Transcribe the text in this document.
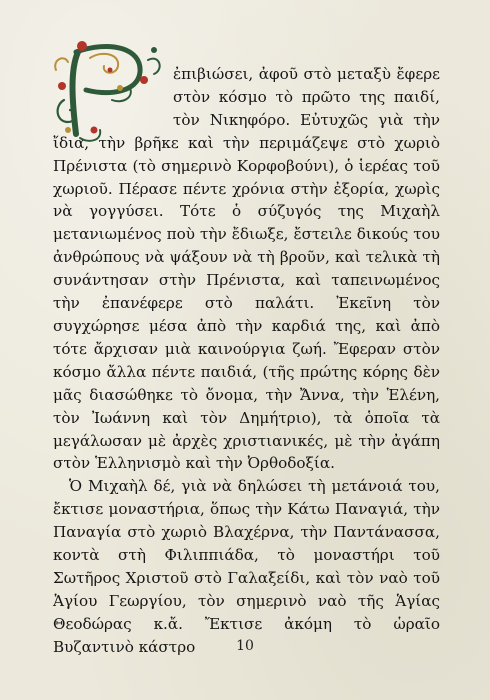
ἐπιβιώσει, ἀφοῦ στὸ μεταξὺ ἔφερε στὸν κόσμο τὸ πρῶτο της παιδί, τὸν Νικηφόρο. Εὐτυχῶς γιὰ τὴν ἴδια, τὴν βρῆκε καὶ τὴν περιμάζεψε στὸ χωριὸ Πρένιστα (τὸ σημερινὸ Κορφοβούνι), ὁ ἱερέας τοῦ χωριοῦ. Πέρασε πέντε χρόνια στὴν ἐξορία, χωρὶς νὰ γογγύσει. Τότε ὁ σύζυγός της Μιχαὴλ μετανιωμένος ποὺ τὴν ἔδιωξε, ἔστειλε δικούς του ἀνθρώπους νὰ ψάξουν νὰ τὴ βροῦν, καὶ τελικὰ τὴ συνάντησαν στὴν Πρένιστα, καὶ ταπεινωμένος τὴν ἐπανέφερε στὸ παλάτι. Ἐκεῖνη τὸν συγχώρησε μέσα ἀπὸ τὴν καρδιά της, καὶ ἀπὸ τότε ἄρχισαν μιὰ καινούργια ζωή. Ἔφεραν στὸν κόσμο ἄλλα πέντε παιδιά, (τῆς πρώτης κόρης δὲν μᾶς διασώθηκε τὸ ὄνομα, τὴν Ἄννα, τὴν Ἑλένη, τὸν Ἰωάννη καὶ τὸν Δημήτριο), τὰ ὁποῖα τὰ μεγάλωσαν μὲ ἀρχὲς χριστιανικές, μὲ τὴν ἀγάπη στὸν Ἑλληνισμὸ καὶ τὴν Ὀρθοδοξία.

Ὁ Μιχαὴλ δέ, γιὰ νὰ δηλώσει τὴ μετάνοιά του, ἔκτισε μοναστήρια, ὅπως τὴν Κάτω Παναγιά, τὴν Παναγία στὸ χωριὸ Βλαχέρνα, τὴν Παντάνασσα, κοντὰ στὴ Φιλιππιάδα, τὸ μοναστήρι τοῦ Σωτῆρος Χριστοῦ στὸ Γαλαξείδι, καὶ τὸν ναὸ τοῦ Ἁγίου Γεωργίου, τὸν σημερινὸ ναὸ τῆς Ἁγίας Θεοδώρας κ.ἄ. Ἔκτισε ἀκόμη τὸ ὡραῖο Βυζαντινὸ κάστρο	10
